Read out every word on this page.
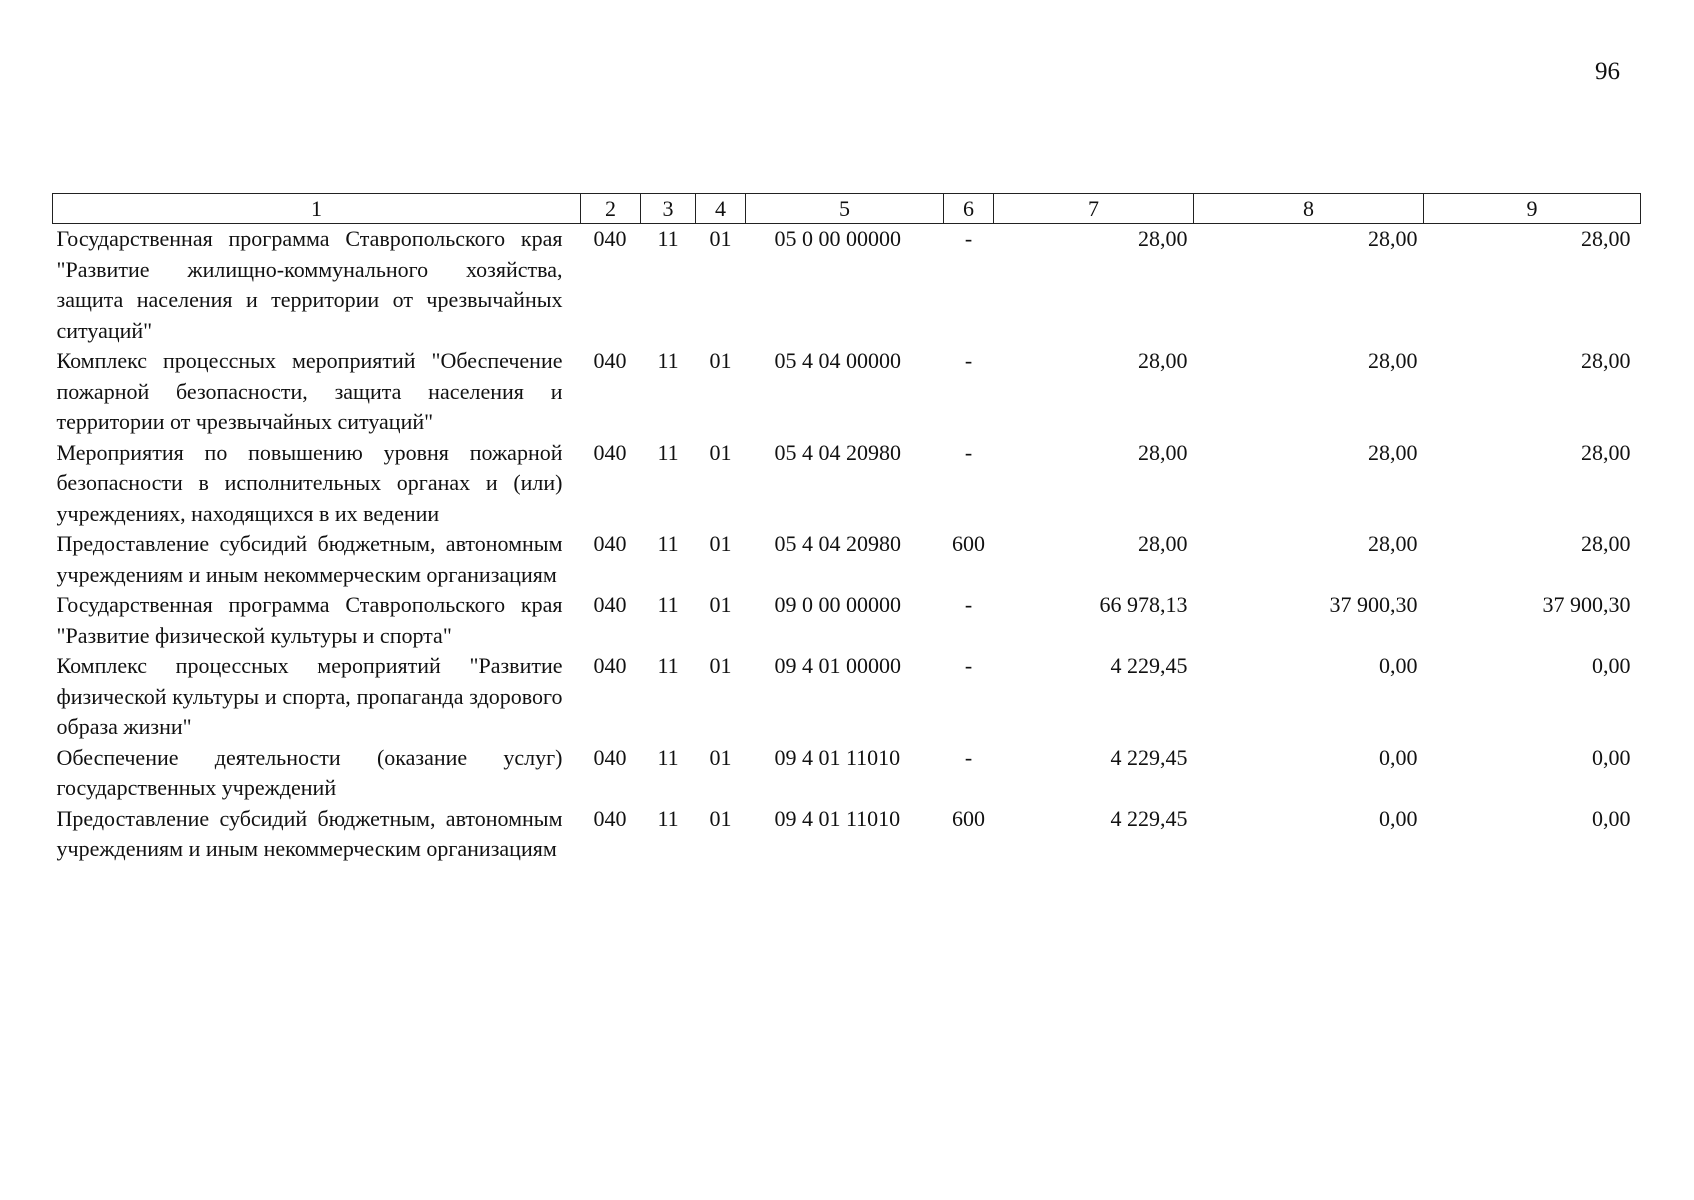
96
1	2	3	4	5	6	7	8	9
Государственная программа Ставропольского края "Развитие жилищно-коммунального хозяйства, защита населения и территории от чрезвычайных ситуаций"	040	11	01	05 0 00 00000	-	28,00	28,00	28,00
Комплекс процессных мероприятий "Обеспечение пожарной безопасности, защита населения и территории от чрезвычайных ситуаций"	040	11	01	05 4 04 00000	-	28,00	28,00	28,00
Мероприятия по повышению уровня пожарной безопасности в исполнительных органах и (или) учреждениях, находящихся в их ведении	040	11	01	05 4 04 20980	-	28,00	28,00	28,00
Предоставление субсидий бюджетным, автономным учреждениям и иным некоммерческим организациям	040	11	01	05 4 04 20980	600	28,00	28,00	28,00
Государственная программа Ставропольского края "Развитие физической культуры и спорта"	040	11	01	09 0 00 00000	-	66 978,13	37 900,30	37 900,30
Комплекс процессных мероприятий "Развитие физической культуры и спорта, пропаганда здорового образа жизни"	040	11	01	09 4 01 00000	-	4 229,45	0,00	0,00
Обеспечение деятельности (оказание услуг) государственных учреждений	040	11	01	09 4 01 11010	-	4 229,45	0,00	0,00
Предоставление субсидий бюджетным, автономным учреждениям и иным некоммерческим организациям	040	11	01	09 4 01 11010	600	4 229,45	0,00	0,00
